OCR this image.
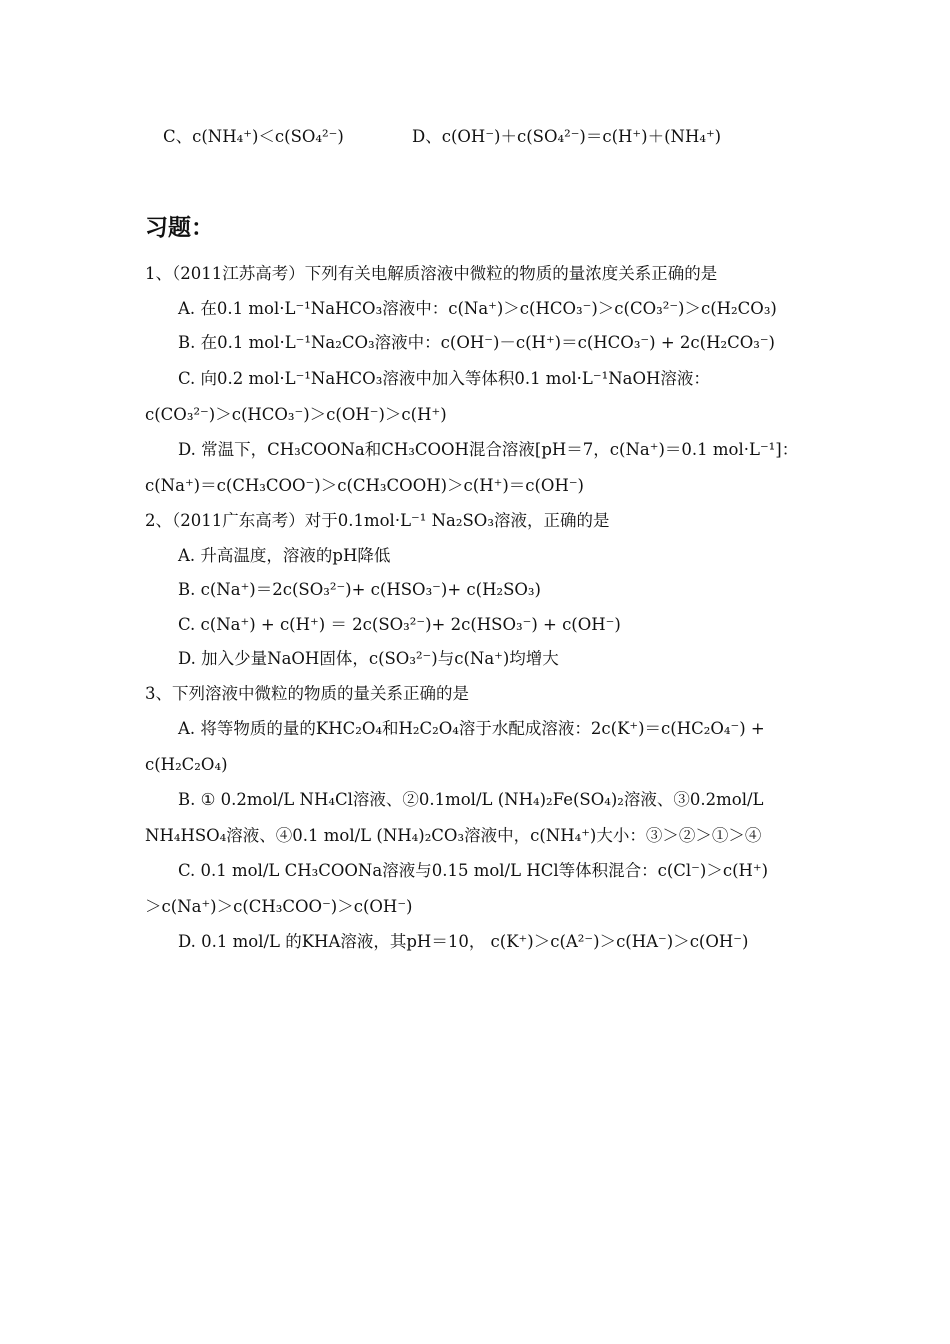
C、c(NH₄⁺)＜c(SO₄²⁻)	D、c(OH⁻)＋c(SO₄²⁻)＝c(H⁺)＋(NH₄⁺)
习题：
1、（2011江苏高考）下列有关电解质溶液中微粒的物质的量浓度关系正确的是
A. 在0.1 mol·L⁻¹NaHCO₃溶液中：c(Na⁺)＞c(HCO₃⁻)＞c(CO₃²⁻)＞c(H₂CO₃)
B. 在0.1 mol·L⁻¹Na₂CO₃溶液中：c(OH⁻)－c(H⁺)＝c(HCO₃⁻) + 2c(H₂CO₃⁻)
C. 向0.2 mol·L⁻¹NaHCO₃溶液中加入等体积0.1 mol·L⁻¹NaOH溶液：
c(CO₃²⁻)＞c(HCO₃⁻)＞c(OH⁻)＞c(H⁺)
D. 常温下，CH₃COONa和CH₃COOH混合溶液[pH＝7，c(Na⁺)＝0.1 mol·L⁻¹]：
c(Na⁺)＝c(CH₃COO⁻)＞c(CH₃COOH)＞c(H⁺)＝c(OH⁻)
2、（2011广东高考）对于0.1mol·L⁻¹ Na₂SO₃溶液，正确的是
A. 升高温度，溶液的pH降低
B. c(Na⁺)＝2c(SO₃²⁻)+ c(HSO₃⁻)+ c(H₂SO₃)
C. c(Na⁺) + c(H⁺) ＝ 2c(SO₃²⁻)+ 2c(HSO₃⁻) + c(OH⁻)
D. 加入少量NaOH固体，c(SO₃²⁻)与c(Na⁺)均增大
3、下列溶液中微粒的物质的量关系正确的是
A. 将等物质的量的KHC₂O₄和H₂C₂O₄溶于水配成溶液：2c(K⁺)＝c(HC₂O₄⁻) +
c(H₂C₂O₄)
B. ① 0.2mol/L NH₄Cl溶液、②0.1mol/L (NH₄)₂Fe(SO₄)₂溶液、③0.2mol/L
NH₄HSO₄溶液、④0.1 mol/L (NH₄)₂CO₃溶液中，c(NH₄⁺)大小：③＞②＞①＞④
C. 0.1 mol/L CH₃COONa溶液与0.15 mol/L HCl等体积混合：c(Cl⁻)＞c(H⁺)
＞c(Na⁺)＞c(CH₃COO⁻)＞c(OH⁻)
D. 0.1 mol/L 的KHA溶液，其pH＝10， c(K⁺)＞c(A²⁻)＞c(HA⁻)＞c(OH⁻)
